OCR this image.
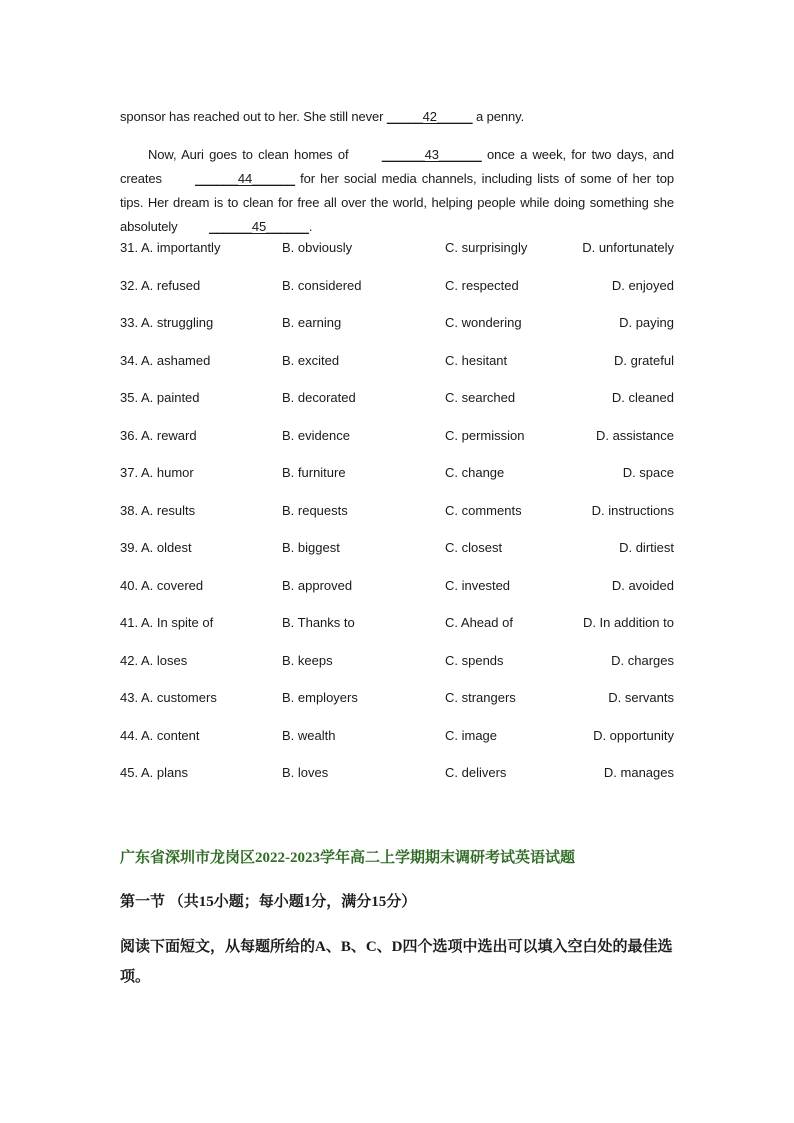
sponsor has reached out to her. She still never _____42_____ a penny.

Now, Auri goes to clean homes of ______43______ once a week, for two days, and creates ______44______ for her social media channels, including lists of some of her top tips. Her dream is to clean for free all over the world, helping people while doing something she absolutely ______45______.

31. A. importantly	B. obviously	C. surprisingly	D. unfortunately
32. A. refused	B. considered	C. respected	D. enjoyed
33. A. struggling	B. earning	C. wondering	D. paying
34. A. ashamed	B. excited	C. hesitant	D. grateful
35. A. painted	B. decorated	C. searched	D. cleaned
36. A. reward	B. evidence	C. permission	D. assistance
37. A. humor	B. furniture	C. change	D. space
38. A. results	B. requests	C. comments	D. instructions
39. A. oldest	B. biggest	C. closest	D. dirtiest
40. A. covered	B. approved	C. invested	D. avoided
41. A. In spite of	B. Thanks to	C. Ahead of	D. In addition to
42. A. loses	B. keeps	C. spends	D. charges
43. A. customers	B. employers	C. strangers	D. servants
44. A. content	B. wealth	C. image	D. opportunity
45. A. plans	B. loves	C. delivers	D. manages
广东省深圳市龙岗区2022-2023学年高二上学期期末调研考试英语试题
第一节 （共15小题；每小题1分，满分15分）
阅读下面短文，从每题所给的A、B、C、D四个选项中选出可以填入空白处的最佳选项。
